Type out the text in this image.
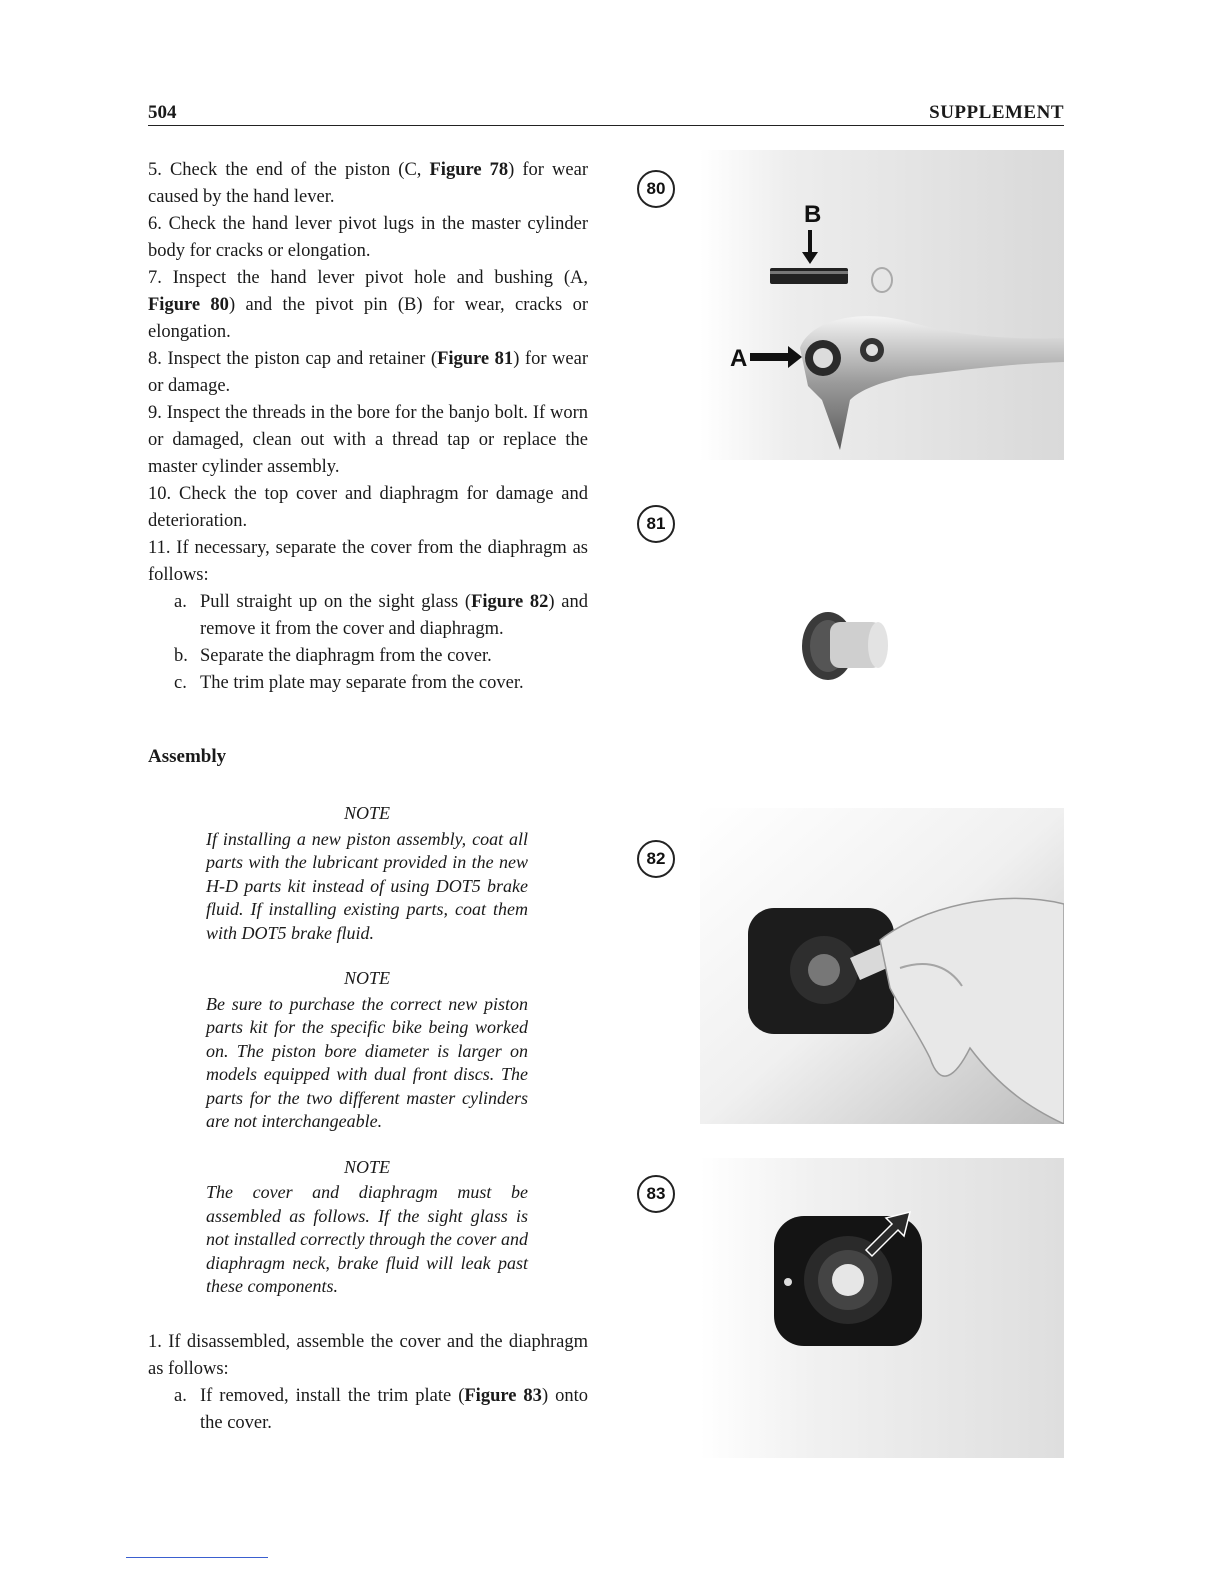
504	SUPPLEMENT

5. Check the end of the piston (C, Figure 78) for wear caused by the hand lever.

6. Check the hand lever pivot lugs in the master cylinder body for cracks or elongation.

7. Inspect the hand lever pivot hole and bushing (A, Figure 80) and the pivot pin (B) for wear, cracks or elongation.

8. Inspect the piston cap and retainer (Figure 81) for wear or damage.

9. Inspect the threads in the bore for the banjo bolt. If worn or damaged, clean out with a thread tap or replace the master cylinder assembly.

10. Check the top cover and diaphragm for damage and deterioration.

11. If necessary, separate the cover from the diaphragm as follows:

a. Pull straight up on the sight glass (Figure 82) and remove it from the cover and diaphragm.

b. Separate the diaphragm from the cover.

c. The trim plate may separate from the cover.

Assembly

NOTE
If installing a new piston assembly, coat all parts with the lubricant provided in the new H-D parts kit instead of using DOT5 brake fluid. If installing existing parts, coat them with DOT5 brake fluid.
NOTE
Be sure to purchase the correct new piston parts kit for the specific bike being worked on. The piston bore diameter is larger on models equipped with dual front discs. The parts for the two different master cylinders are not interchangeable.
NOTE
The cover and diaphragm must be assembled as follows. If the sight glass is not installed correctly through the cover and diaphragm neck, brake fluid will leak past these components.

1. If disassembled, assemble the cover and the diaphragm as follows:

a. If removed, install the trim plate (Figure 83) onto the cover.

80
B
A
81
82
83
